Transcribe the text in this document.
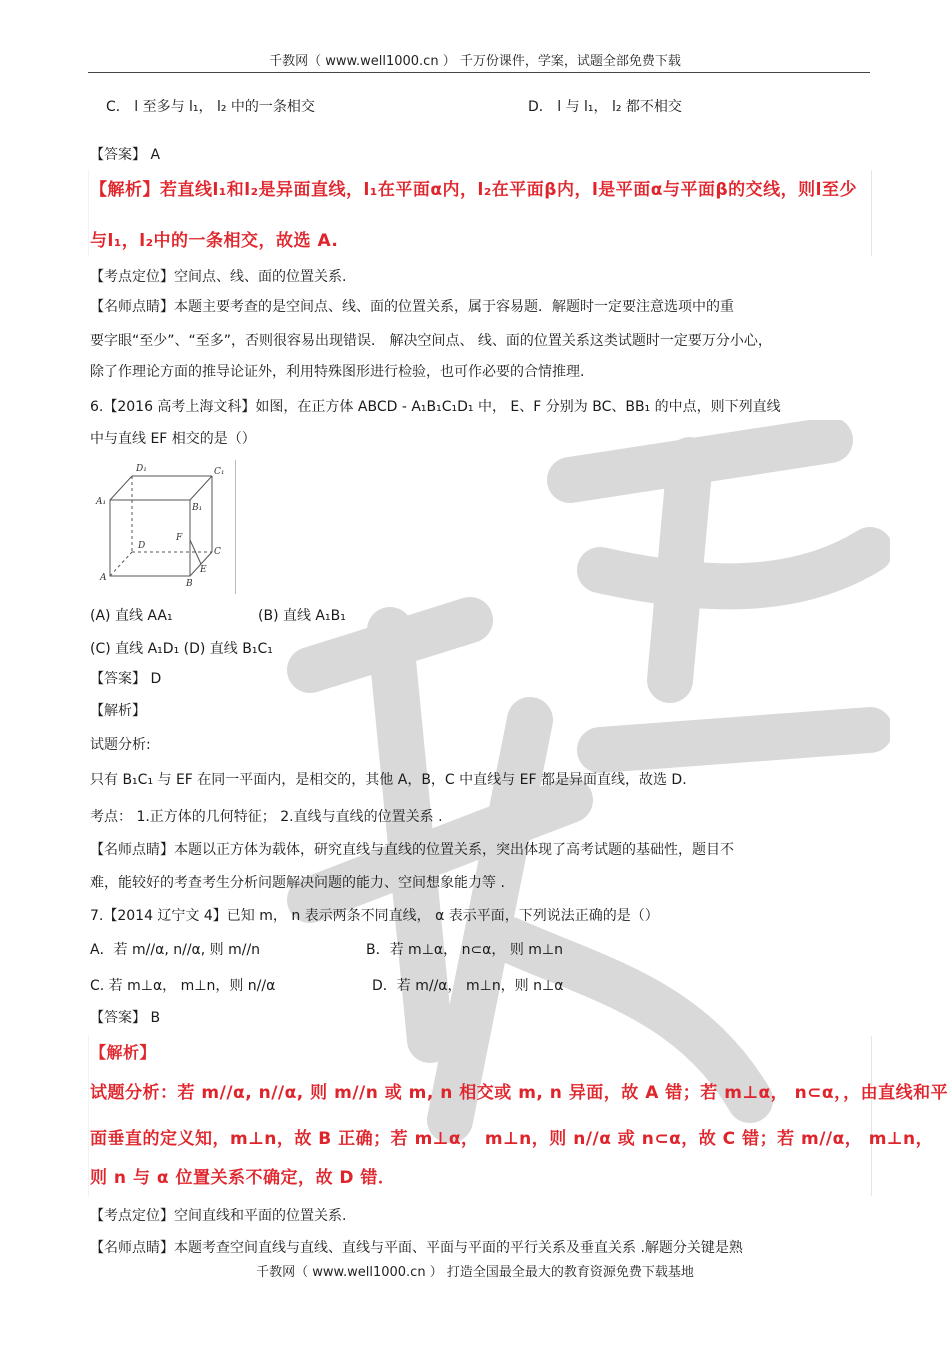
千教网（ www.well1000.cn ） 千万份课件，学案，试题全部免费下载
C． l 至多与 l₁， l₂ 中的一条相交	D． l 与 l₁， l₂ 都不相交
【答案】 A
【解析】若直线l₁和l₂是异面直线，l₁在平面α内，l₂在平面β内，l是平面α与平面β的交线，则l至少
与l₁，l₂中的一条相交，故选 A.
【考点定位】空间点、线、面的位置关系.
【名师点睛】本题主要考查的是空间点、线、面的位置关系，属于容易题．解题时一定要注意选项中的重
要字眼“至少”、“至多”，否则很容易出现错误． 解决空间点、 线、面的位置关系这类试题时一定要万分小心，
除了作理论方面的推导论证外，利用特殊图形进行检验，也可作必要的合情推理.
6.【2016 高考上海文科】如图，在正方体 ABCD - A₁B₁C₁D₁ 中， E、F 分别为 BC、BB₁ 的中点，则下列直线
中与直线 EF 相交的是（）
D₁	C₁
A₁
B₁
F
D
C
E
A
B
(A) 直线 AA₁	(B) 直线 A₁B₁
(C) 直线 A₁D₁ (D) 直线 B₁C₁
【答案】 D
【解析】
试题分析:
只有 B₁C₁ 与 EF 在同一平面内，是相交的，其他 A，B，C 中直线与 EF 都是异面直线，故选 D.
考点： 1.正方体的几何特征； 2.直线与直线的位置关系 .
【名师点睛】本题以正方体为载体，研究直线与直线的位置关系，突出体现了高考试题的基础性，题目不
难，能较好的考查考生分析问题解决问题的能力、空间想象能力等 .
7.【2014 辽宁文 4】已知 m， n 表示两条不同直线， α 表示平面，下列说法正确的是（）
A．若 m//α, n//α, 则 m//n	B．若 m⊥α， n⊂α， 则 m⊥n
C. 若 m⊥α， m⊥n，则 n//α	D．若 m//α， m⊥n，则 n⊥α
【答案】 B
【解析】
试题分析：若 m//α, n//α, 则 m//n 或 m, n 相交或 m, n 异面，故 A 错；若 m⊥α， n⊂α，，由直线和平
面垂直的定义知，m⊥n，故 B 正确；若 m⊥α， m⊥n，则 n//α 或 n⊂α，故 C 错；若 m//α， m⊥n，
则 n 与 α 位置关系不确定，故 D 错．
【考点定位】空间直线和平面的位置关系.
【名师点睛】本题考查空间直线与直线、直线与平面、平面与平面的平行关系及垂直关系 .解题分关键是熟
千教网（ www.well1000.cn ） 打造全国最全最大的教育资源免费下载基地
